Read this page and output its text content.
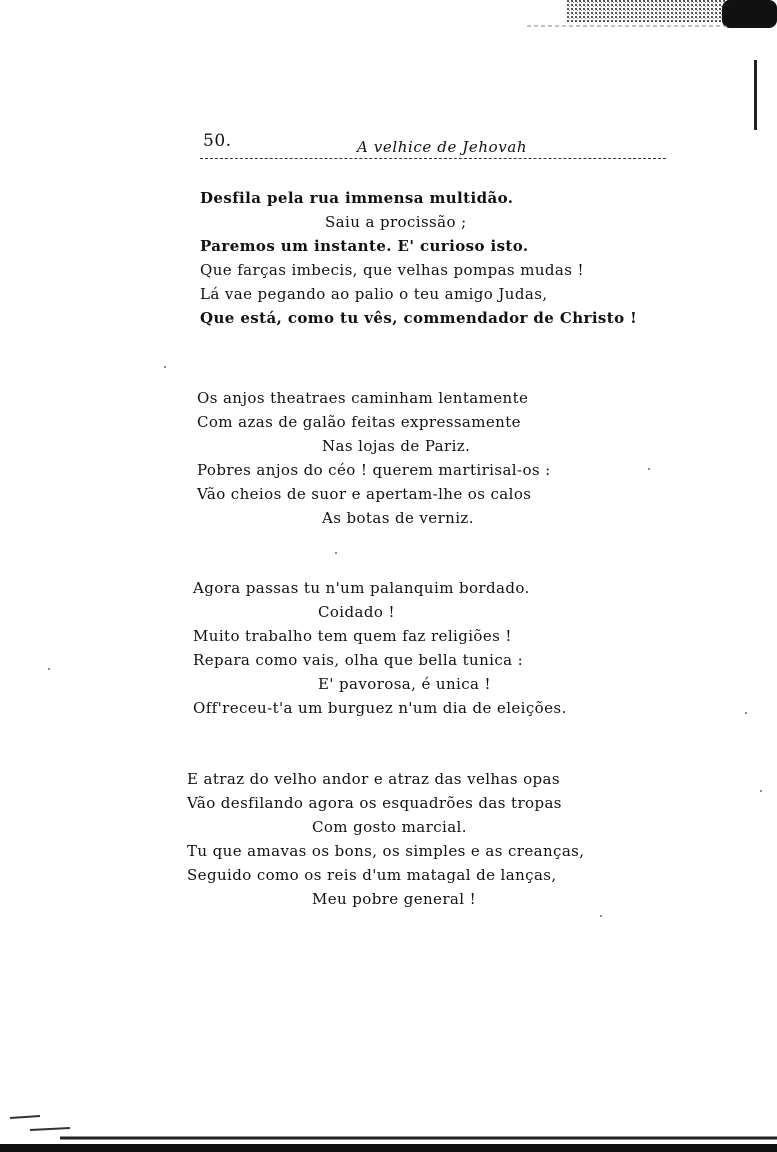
50.	A velhice de Jehovah
Desfila pela rua immensa multidão.
Saiu a procissão ;
Paremos um instante. E' curioso isto.
Que farças imbecis, que velhas pompas mudas !
Lá vae pegando ao palio o teu amigo Judas,
Que está, como tu vês, commendador de Christo !
Os anjos theatraes caminham lentamente
Com azas de galão feitas expressamente
Nas lojas de Pariz.
Pobres anjos do céo ! querem martirisal-os :
Vão cheios de suor e apertam-lhe os calos
As botas de verniz.
Agora passas tu n'um palanquim bordado.
Coidado !
Muito trabalho tem quem faz religiões !
Repara como vais, olha que bella tunica :
E' pavorosa, é unica !
Off'receu-t'a um burguez n'um dia de eleições.
E atraz do velho andor e atraz das velhas opas
Vão desfilando agora os esquadrões das tropas
Com gosto marcial.
Tu que amavas os bons, os simples e as creanças,
Seguido como os reis d'um matagal de lanças,
Meu pobre general !
